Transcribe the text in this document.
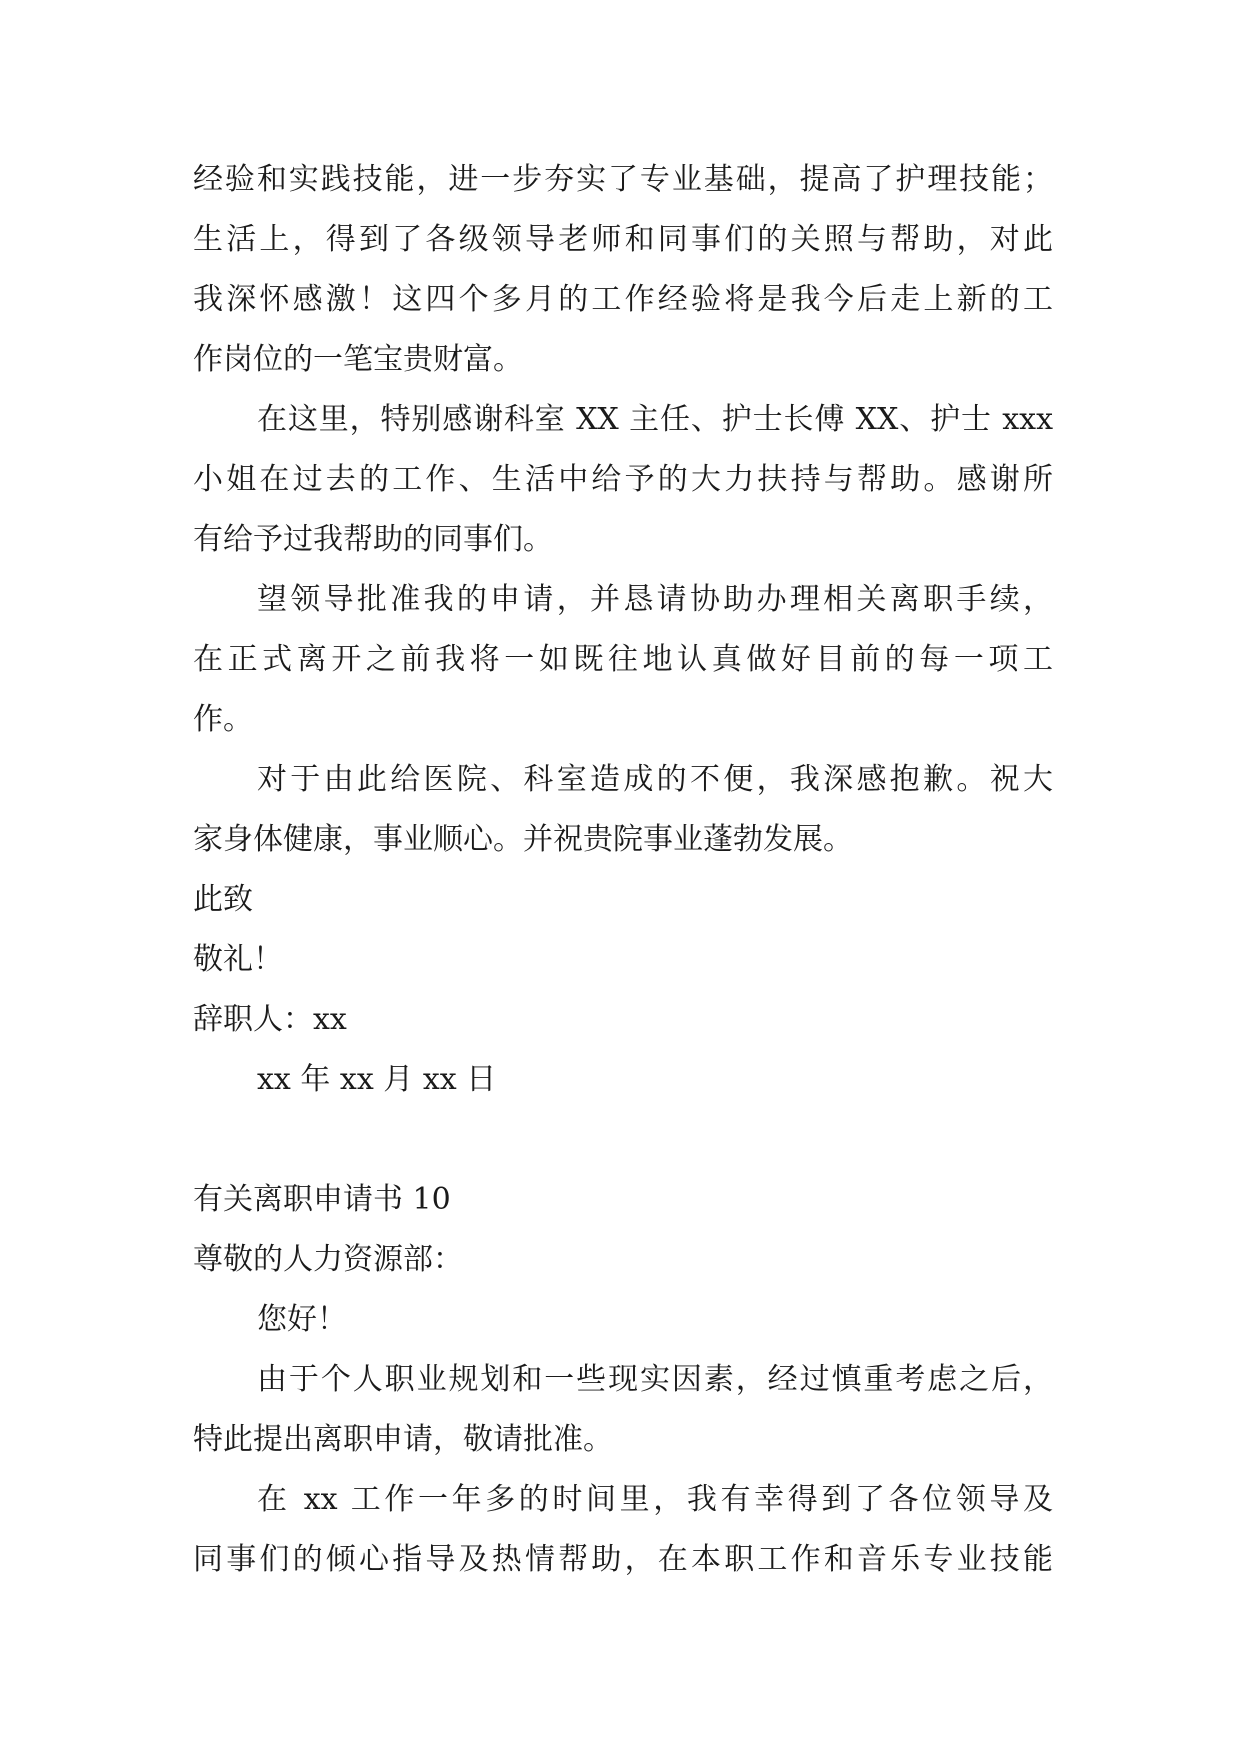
经验和实践技能，进一步夯实了专业基础，提高了护理技能；
生活上，得到了各级领导老师和同事们的关照与帮助，对此
我深怀感激！这四个多月的工作经验将是我今后走上新的工
作岗位的一笔宝贵财富。
在这里，特别感谢科室 XX 主任、护士长傅 XX、护士 xxx
小姐在过去的工作、生活中给予的大力扶持与帮助。感谢所
有给予过我帮助的同事们。
望领导批准我的申请，并恳请协助办理相关离职手续，
在正式离开之前我将一如既往地认真做好目前的每一项工
作。
对于由此给医院、科室造成的不便，我深感抱歉。祝大
家身体健康，事业顺心。并祝贵院事业蓬勃发展。
此致
敬礼！
辞职人：xx
xx 年 xx 月 xx 日
有关离职申请书 10
尊敬的人力资源部：
您好！
由于个人职业规划和一些现实因素，经过慎重考虑之后，
特此提出离职申请，敬请批准。
在 xx 工作一年多的时间里，我有幸得到了各位领导及
同事们的倾心指导及热情帮助，在本职工作和音乐专业技能
